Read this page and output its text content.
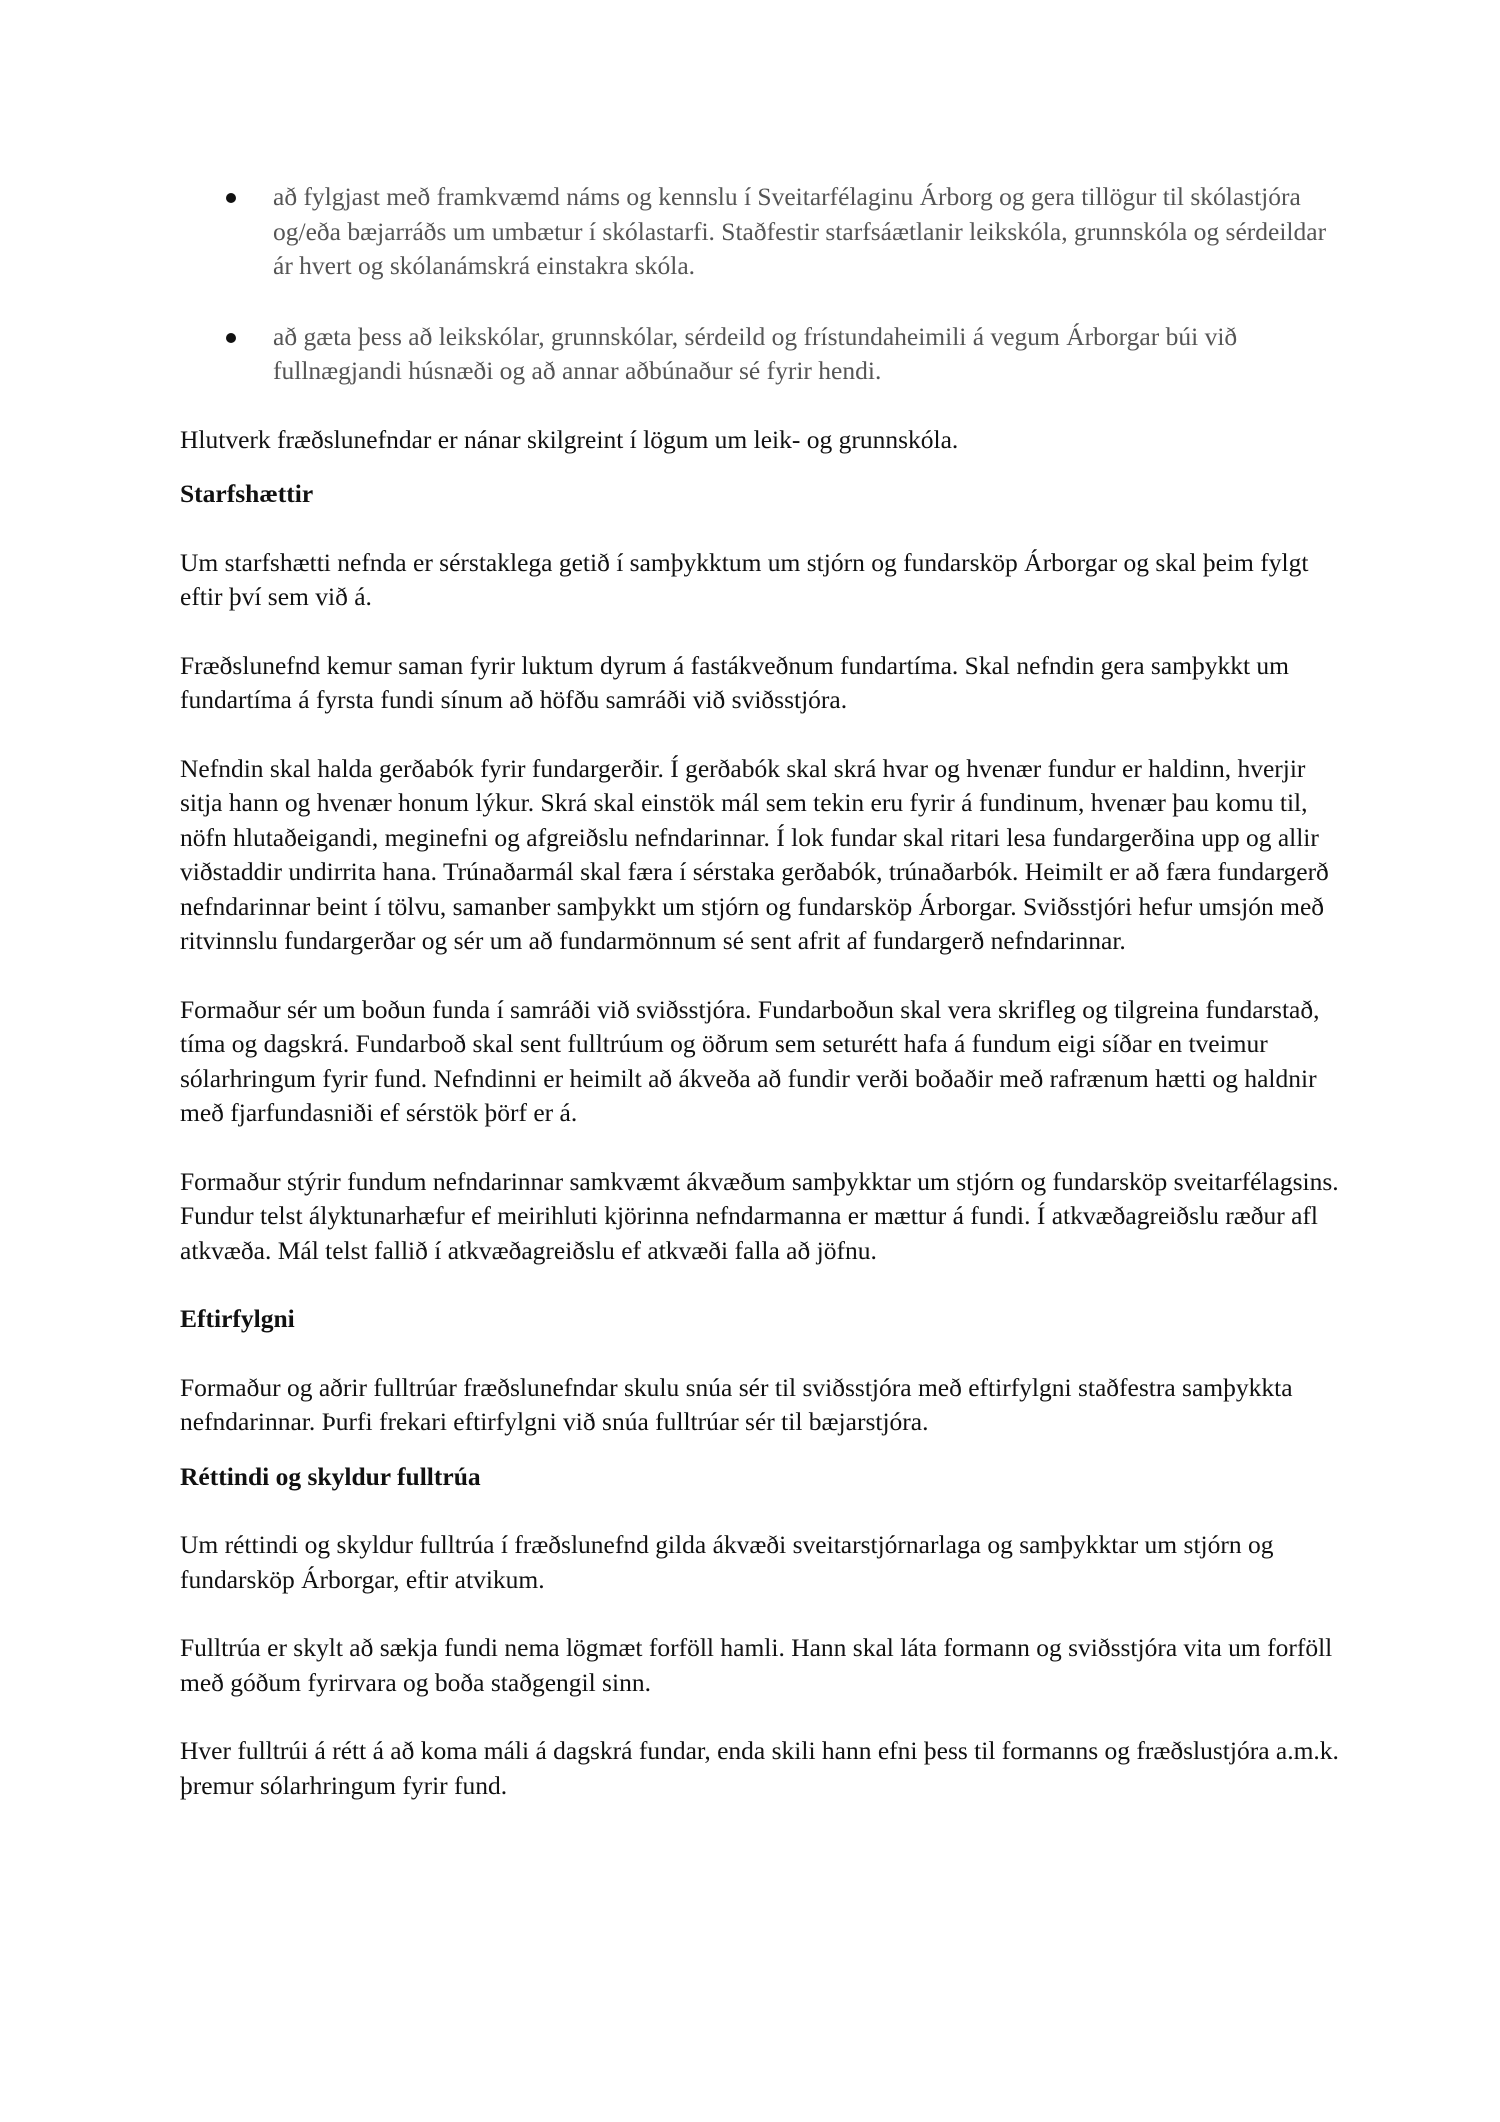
að fylgjast með framkvæmd náms og kennslu í Sveitarfélaginu Árborg og gera tillögur til skólastjóra og/eða bæjarráðs um umbætur í skólastarfi. Staðfestir starfsáætlanir leikskóla, grunnskóla og sérdeildar ár hvert og skólanámskrá einstakra skóla.
að gæta þess að leikskólar, grunnskólar, sérdeild og frístundaheimili á vegum Árborgar búi við fullnægjandi húsnæði og að annar aðbúnaður sé fyrir hendi.

Hlutverk fræðslunefndar er nánar skilgreint í lögum um leik- og grunnskóla.

Starfshættir

Um starfshætti nefnda er sérstaklega getið í samþykktum um stjórn og fundarsköp Árborgar og skal þeim fylgt eftir því sem við á.

Fræðslunefnd kemur saman fyrir luktum dyrum á fastákveðnum fundartíma. Skal nefndin gera samþykkt um fundartíma á fyrsta fundi sínum að höfðu samráði við sviðsstjóra.

Nefndin skal halda gerðabók fyrir fundargerðir. Í gerðabók skal skrá hvar og hvenær fundur er haldinn, hverjir sitja hann og hvenær honum lýkur. Skrá skal einstök mál sem tekin eru fyrir á fundinum, hvenær þau komu til, nöfn hlutaðeigandi, meginefni og afgreiðslu nefndarinnar. Í lok fundar skal ritari lesa fundargerðina upp og allir viðstaddir undirrita hana. Trúnaðarmál skal færa í sérstaka gerðabók, trúnaðarbók. Heimilt er að færa fundargerð nefndarinnar beint í tölvu, samanber samþykkt um stjórn og fundarsköp Árborgar. Sviðsstjóri hefur umsjón með ritvinnslu fundargerðar og sér um að fundarmönnum sé sent afrit af fundargerð nefndarinnar.

Formaður sér um boðun funda í samráði við sviðsstjóra. Fundarboðun skal vera skrifleg og tilgreina fundarstað, tíma og dagskrá. Fundarboð skal sent fulltrúum og öðrum sem seturétt hafa á fundum eigi síðar en tveimur sólarhringum fyrir fund. Nefndinni er heimilt að ákveða að fundir verði boðaðir með rafrænum hætti og haldnir með fjarfundasniði ef sérstök þörf er á.

Formaður stýrir fundum nefndarinnar samkvæmt ákvæðum samþykktar um stjórn og fundarsköp sveitarfélagsins. Fundur telst ályktunarhæfur ef meirihluti kjörinna nefndarmanna er mættur á fundi. Í atkvæðagreiðslu ræður afl atkvæða. Mál telst fallið í atkvæðagreiðslu ef atkvæði falla að jöfnu.

Eftirfylgni

Formaður og aðrir fulltrúar fræðslunefndar skulu snúa sér til sviðsstjóra með eftirfylgni staðfestra samþykkta nefndarinnar. Þurfi frekari eftirfylgni við snúa fulltrúar sér til bæjarstjóra.

Réttindi og skyldur fulltrúa

Um réttindi og skyldur fulltrúa í fræðslunefnd gilda ákvæði sveitarstjórnarlaga og samþykktar um stjórn og fundarsköp Árborgar, eftir atvikum.

Fulltrúa er skylt að sækja fundi nema lögmæt forföll hamli. Hann skal láta formann og sviðsstjóra vita um forföll með góðum fyrirvara og boða staðgengil sinn.

Hver fulltrúi á rétt á að koma máli á dagskrá fundar, enda skili hann efni þess til formanns og fræðslustjóra a.m.k. þremur sólarhringum fyrir fund.
